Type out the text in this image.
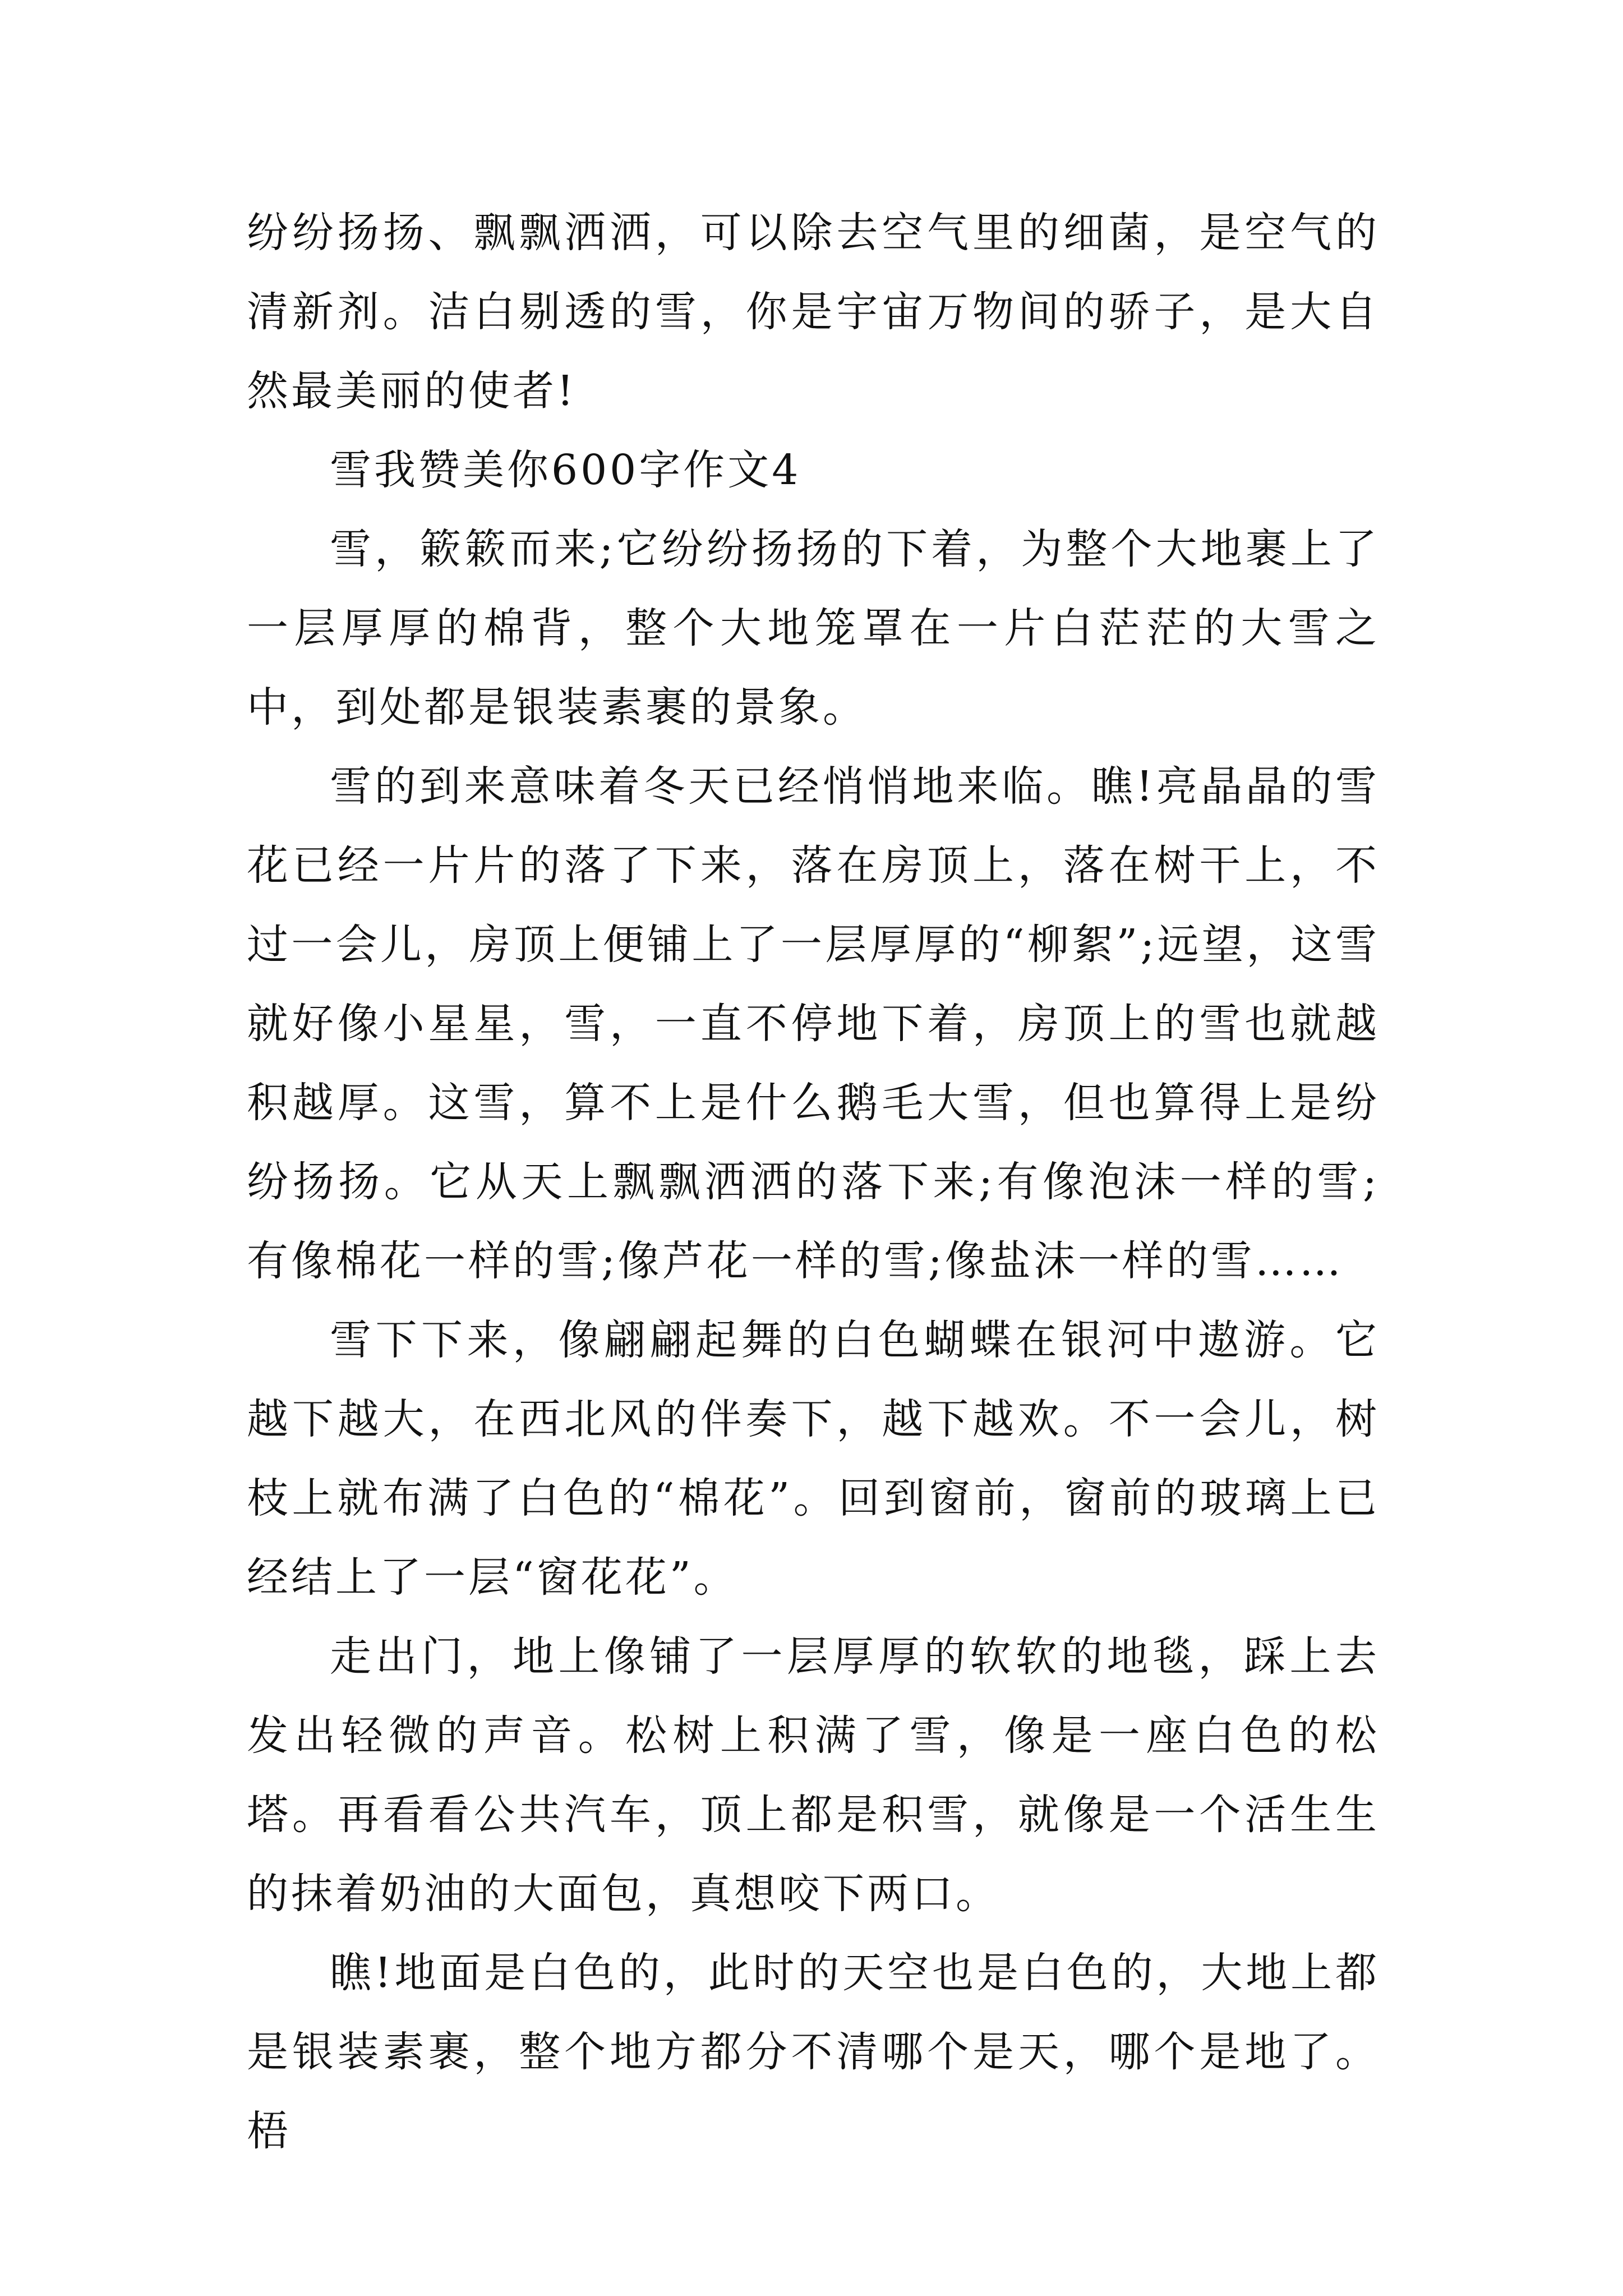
纷纷扬扬、飘飘洒洒，可以除去空气里的细菌，是空气的清新剂。洁白剔透的雪，你是宇宙万物间的骄子，是大自然最美丽的使者!

雪我赞美你600字作文4

雪，簌簌而来;它纷纷扬扬的下着，为整个大地裹上了一层厚厚的棉背，整个大地笼罩在一片白茫茫的大雪之中，到处都是银装素裹的景象。

雪的到来意味着冬天已经悄悄地来临。瞧!亮晶晶的雪花已经一片片的落了下来，落在房顶上，落在树干上，不过一会儿，房顶上便铺上了一层厚厚的“柳絮”;远望，这雪就好像小星星，雪，一直不停地下着，房顶上的雪也就越积越厚。这雪，算不上是什么鹅毛大雪，但也算得上是纷纷扬扬。它从天上飘飘洒洒的落下来;有像泡沫一样的雪;有像棉花一样的雪;像芦花一样的雪;像盐沫一样的雪……

雪下下来，像翩翩起舞的白色蝴蝶在银河中遨游。它越下越大，在西北风的伴奏下，越下越欢。不一会儿，树枝上就布满了白色的“棉花”。回到窗前，窗前的玻璃上已经结上了一层“窗花花”。

走出门，地上像铺了一层厚厚的软软的地毯，踩上去发出轻微的声音。松树上积满了雪，像是一座白色的松塔。再看看公共汽车，顶上都是积雪，就像是一个活生生的抹着奶油的大面包，真想咬下两口。

瞧!地面是白色的，此时的天空也是白色的，大地上都是银装素裹，整个地方都分不清哪个是天，哪个是地了。梧
